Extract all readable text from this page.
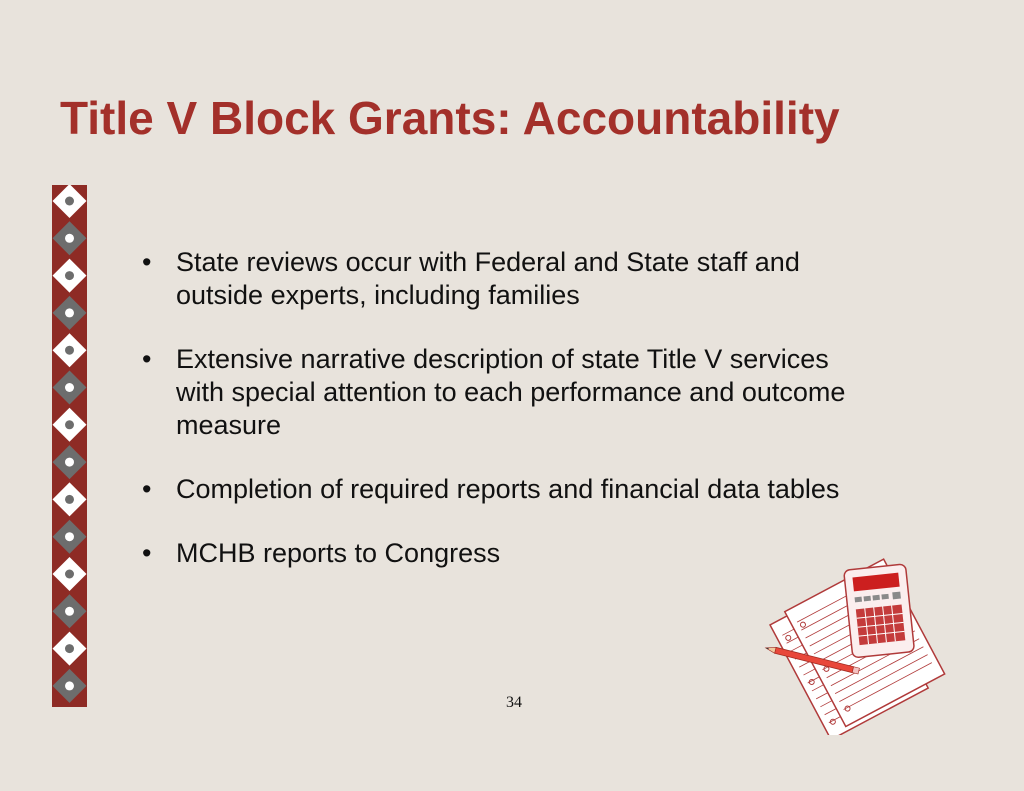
Title V Block Grants: Accountability
• State reviews occur with Federal and State staff and outside experts, including families
• Extensive narrative description of state Title V services with special attention to each performance and outcome measure
• Completion of required reports and financial data tables
• MCHB reports to Congress
34
